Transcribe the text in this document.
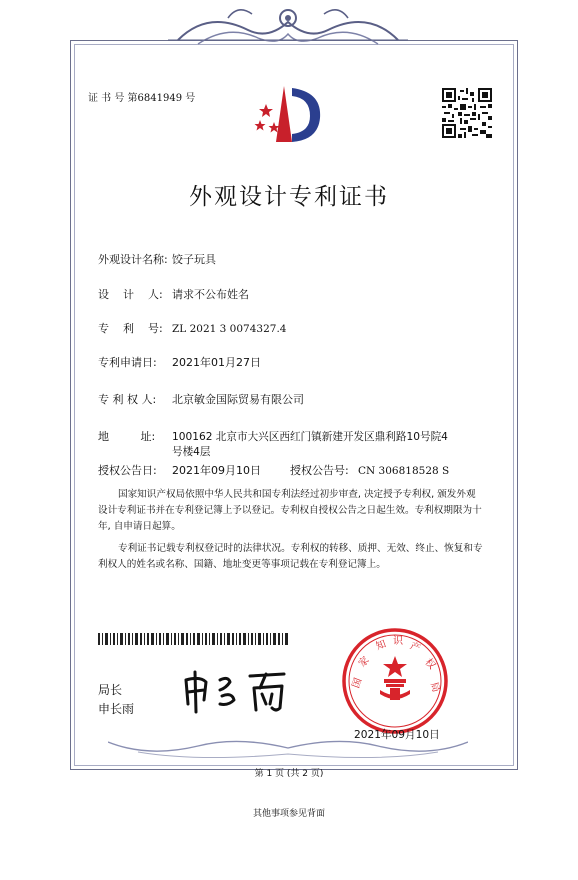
证 书 号 第6841949 号
外观设计专利证书
外观设计名称: 饺子玩具
设    计    人: 请求不公布姓名
专    利    号: ZL 2021 3 0074327.4
专利申请日: 2021年01月27日
专 利 权 人: 北京敏金国际贸易有限公司
地         址: 100162 北京市大兴区西红门镇新建开发区鼎利路10号院4
号楼4层
授权公告日: 2021年09月10日	授权公告号: CN 306818528 S
国家知识产权局依照中华人民共和国专利法经过初步审查, 决定授予专利权, 颁发外观
设计专利证书并在专利登记簿上予以登记。专利权自授权公告之日起生效。专利权期限为十
年, 自申请日起算。
专利证书记载专利权登记时的法律状况。专利权的转移、质押、无效、终止、恢复和专
利权人的姓名或名称、国籍、地址变更等事项记载在专利登记簿上。
局长
申长雨
国
家
知 识 产
权
局
2021年09月10日
第 1 页 (共 2 页)
其他事项参见背面
